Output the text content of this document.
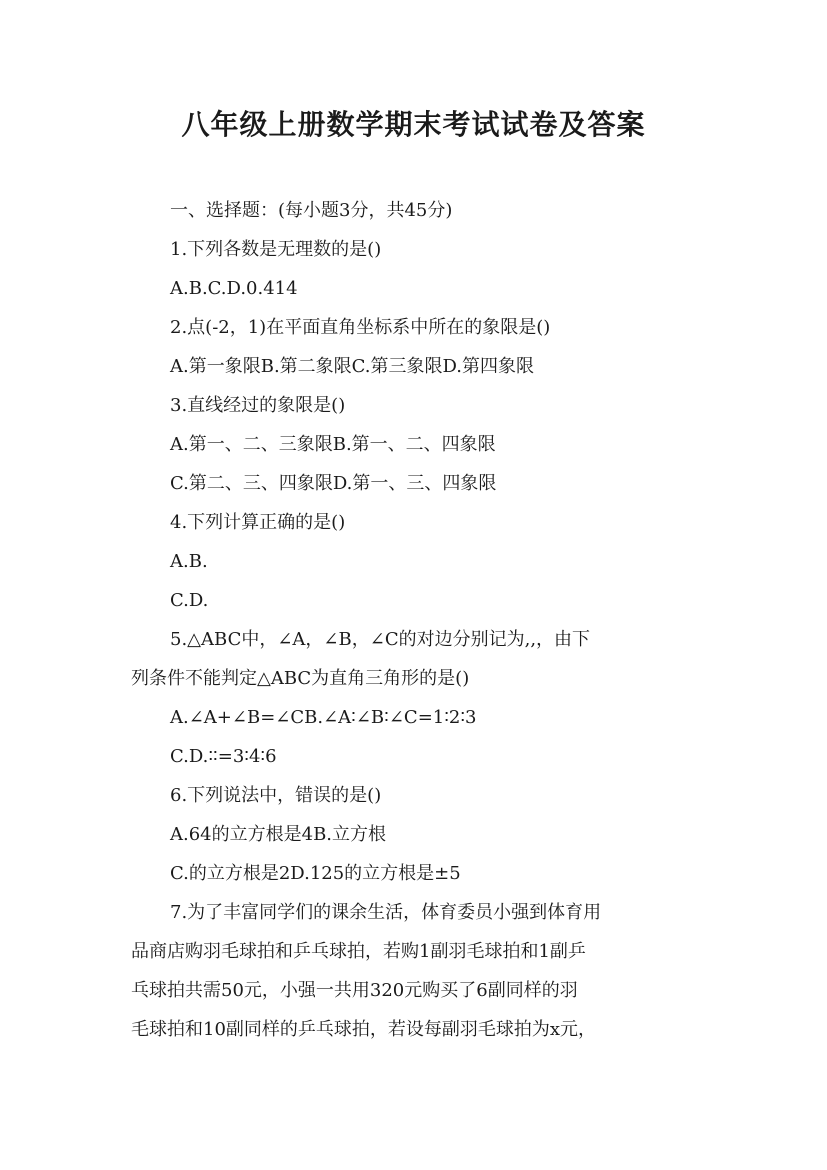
八年级上册数学期末考试试卷及答案
一、选择题：(每小题3分，共45分)
1.下列各数是无理数的是()
A.B.C.D.0.414
2.点(-2，1)在平面直角坐标系中所在的象限是()
A.第一象限B.第二象限C.第三象限D.第四象限
3.直线经过的象限是()
A.第一、二、三象限B.第一、二、四象限
C.第二、三、四象限D.第一、三、四象限
4.下列计算正确的是()
A.B.
C.D.
5.△ABC中，∠A，∠B，∠C的对边分别记为,,，由下
列条件不能判定△ABC为直角三角形的是()
A.∠A+∠B=∠CB.∠A∶∠B∶∠C=1∶2∶3
C.D.∶∶=3∶4∶6
6.下列说法中，错误的是()
A.64的立方根是4B.立方根
C.的立方根是2D.125的立方根是±5
7.为了丰富同学们的课余生活，体育委员小强到体育用
品商店购羽毛球拍和乒乓球拍，若购1副羽毛球拍和1副乒
乓球拍共需50元，小强一共用320元购买了6副同样的羽
毛球拍和10副同样的乒乓球拍，若设每副羽毛球拍为x元，
